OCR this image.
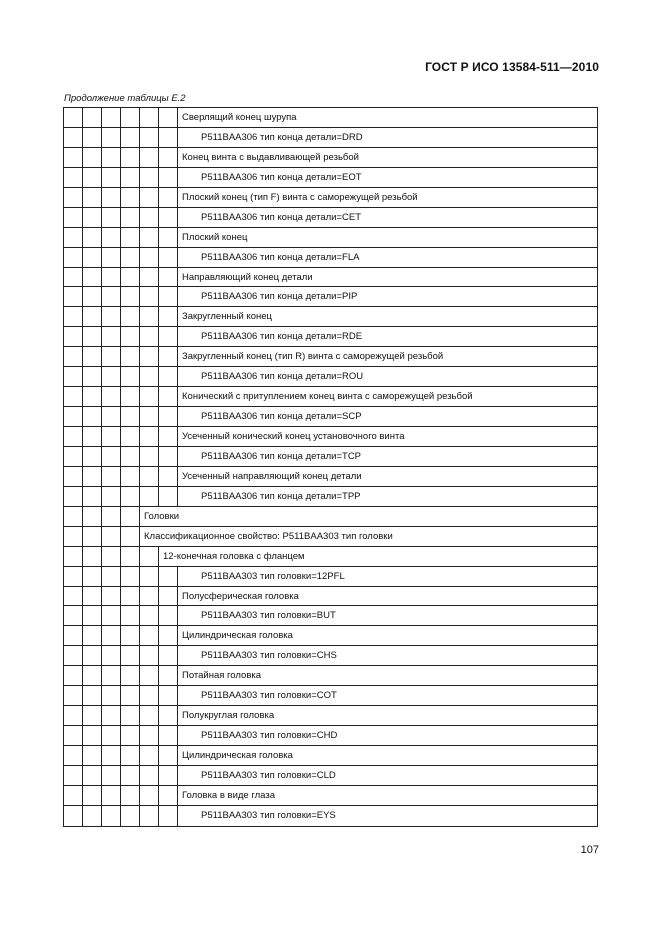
ГОСТ Р ИСО 13584-511—2010
Продолжение таблицы Е.2
Сверлящий конец шурупа
P511BAA306 тип конца детали=DRD
Конец винта с выдавливающей резьбой
P511BAA306 тип конца детали=EOT
Плоский конец (тип F) винта с саморежущей резьбой
P511BAA306 тип конца детали=CET
Плоский конец
P511BAA306 тип конца детали=FLA
Направляющий конец детали
P511BAA306 тип конца детали=PIP
Закругленный конец
P511BAA306 тип конца детали=RDE
Закругленный конец (тип R) винта с саморежущей резьбой
P511BAA306 тип конца детали=ROU
Конический с притуплением конец винта с саморежущей резьбой
P511BAA306 тип конца детали=SCP
Усеченный конический конец установочного винта
P511BAA306 тип конца детали=TCP
Усеченный направляющий конец детали
P511BAA306 тип конца детали=TPP
Головки
Классификационное свойство: P511BAA303 тип головки
12-конечная головка с фланцем
P511BAA303 тип головки=12PFL
Полусферическая головка
P511BAA303 тип головки=BUT
Цилиндрическая головка
P511BAA303 тип головки=CHS
Потайная головка
P511BAA303 тип головки=COT
Полукруглая головка
P511BAA303 тип головки=CHD
Цилиндрическая головка
P511BAA303 тип головки=CLD
Головка в виде глаза
P511BAA303 тип головки=EYS
107
